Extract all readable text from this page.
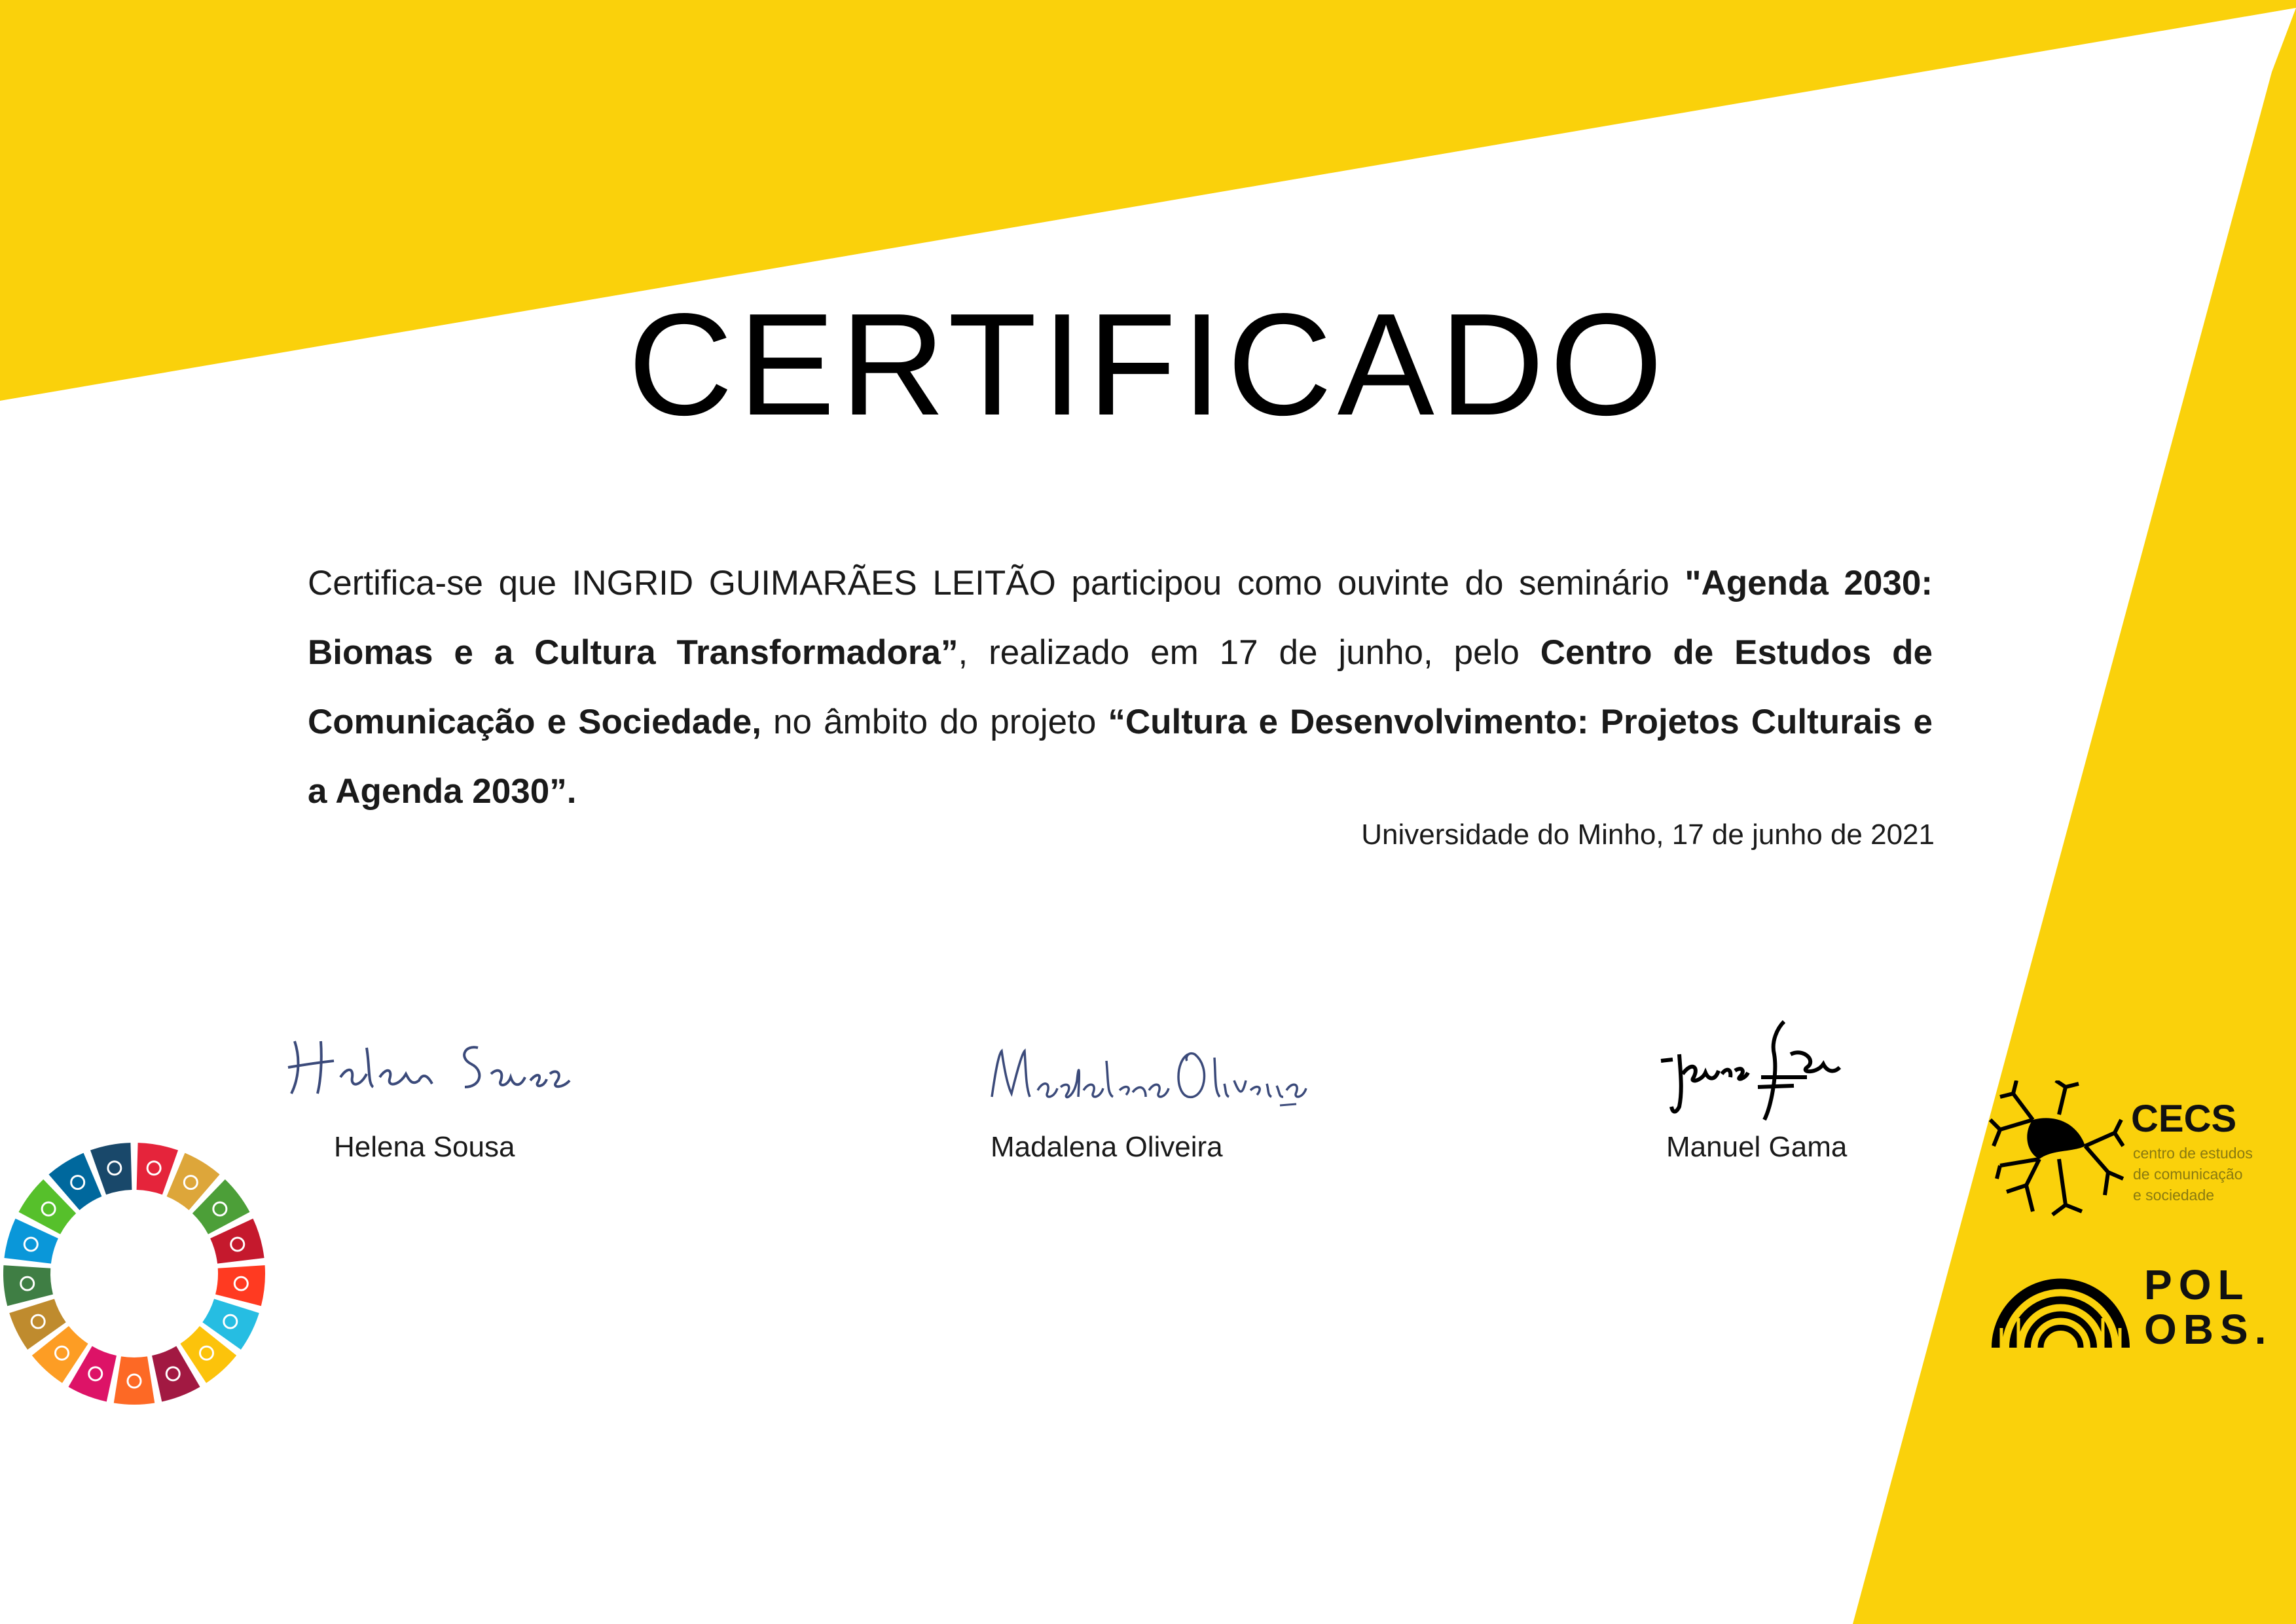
CERTIFICADO
Certifica-se que INGRID GUIMARÃES LEITÃO participou como ouvinte do seminário "Agenda 2030: Biomas e a Cultura Transformadora”, realizado em 17 de junho, pelo Centro de Estudos de Comunicação e Sociedade, no âmbito do projeto “Cultura e Desenvolvimento: Projetos Culturais e a Agenda 2030”.
Universidade do Minho, 17 de junho de 2021
Helena Sousa	Madalena Oliveira	Manuel Gama
CECS
centro de estudos
de comunicação
e sociedade
POL
OBS.
